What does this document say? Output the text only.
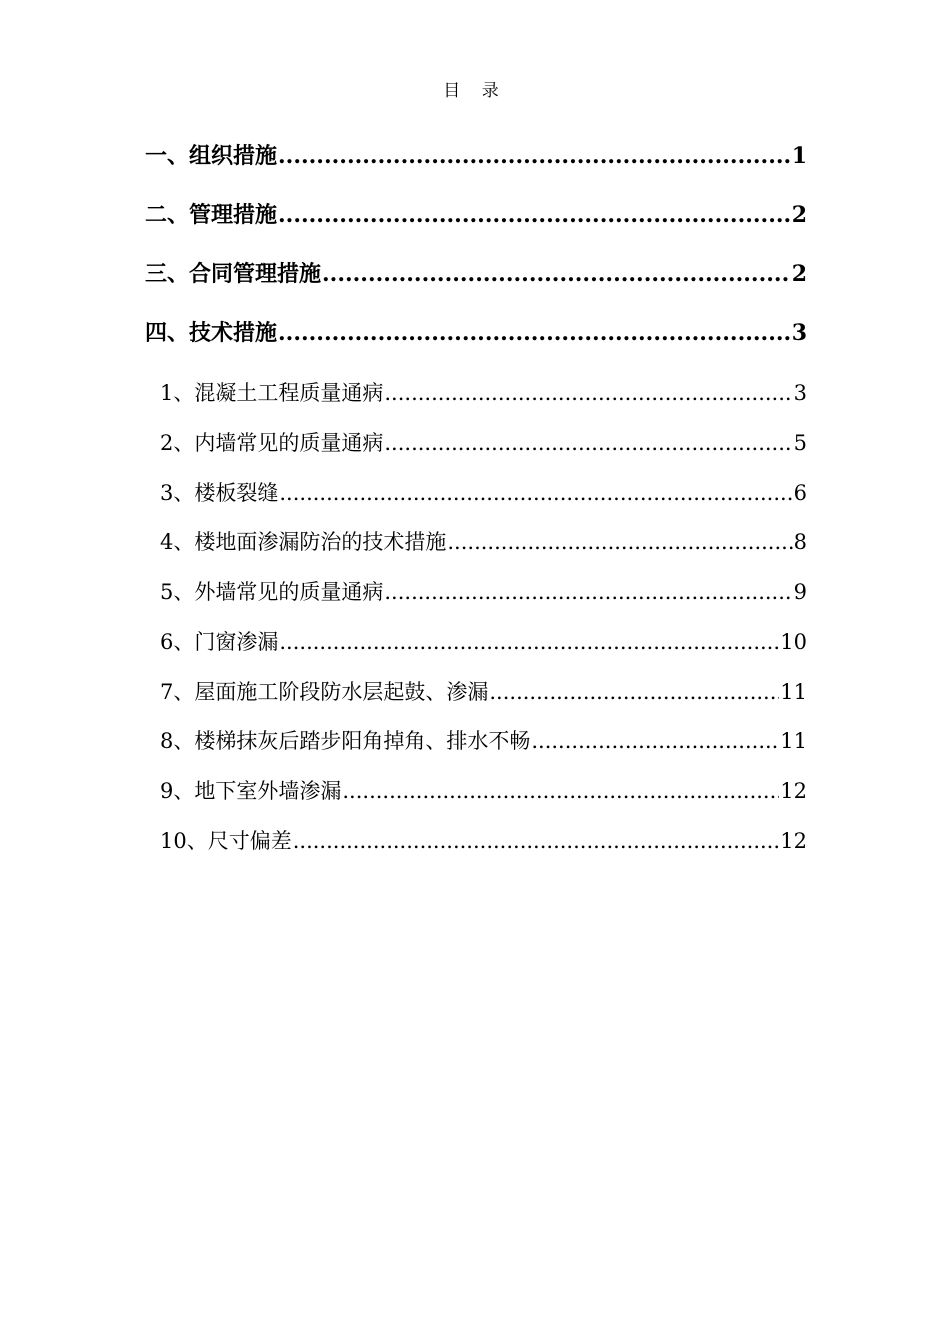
目 录
一、组织措施 .....	1
二、管理措施 .....	2
三、合同管理措施 .....	2
四、技术措施 .....	3
1、混凝土工程质量通病 .....	3
2、内墙常见的质量通病 .....	5
3、楼板裂缝 .....	6
4、楼地面渗漏防治的技术措施 .....	8
5、外墙常见的质量通病 .....	9
6、门窗渗漏 .....	10
7、屋面施工阶段防水层起鼓、渗漏 .....	11
8、楼梯抹灰后踏步阳角掉角、排水不畅 .....	11
9、地下室外墙渗漏 .....	12
10、尺寸偏差 .....	12
